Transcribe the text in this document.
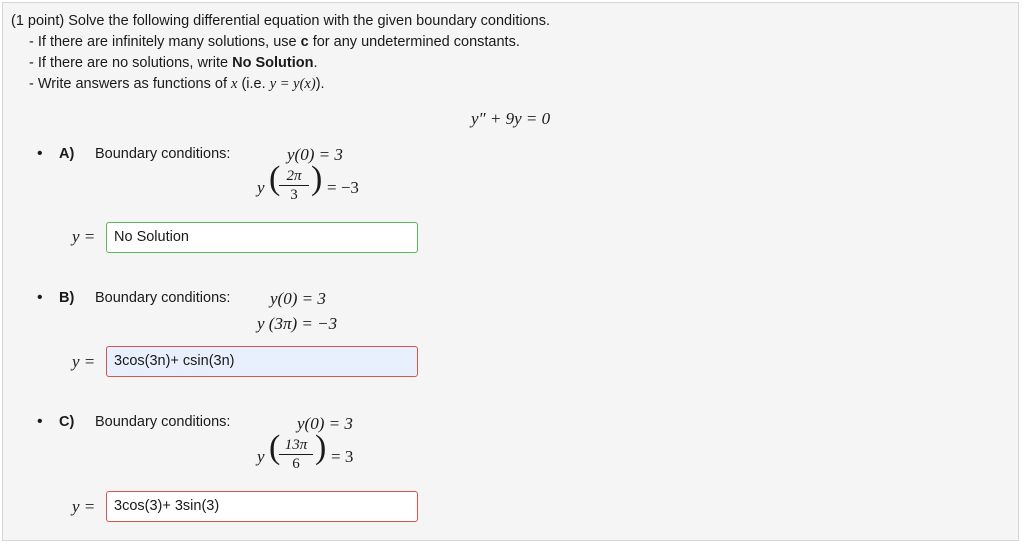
(1 point) Solve the following differential equation with the given boundary conditions.
- If there are infinitely many solutions, use c for any undetermined constants.
- If there are no solutions, write No Solution.
- Write answers as functions of x (i.e. y = y(x)).
y″ + 9y = 0
• A) Boundary conditions:	y(0) = 3
y (
$\frac{2\pi}{3}$ ) = −3
y =	No Solution
• B) Boundary conditions: y(0) = 3
y (3π) = −3
y =	3cos(3n)+ csin(3n)
• C) Boundary conditions:	y(0) = 3
y (
$\frac{13\pi}{6}$ ) = 3
y =	3cos(3)+ 3sin(3)
